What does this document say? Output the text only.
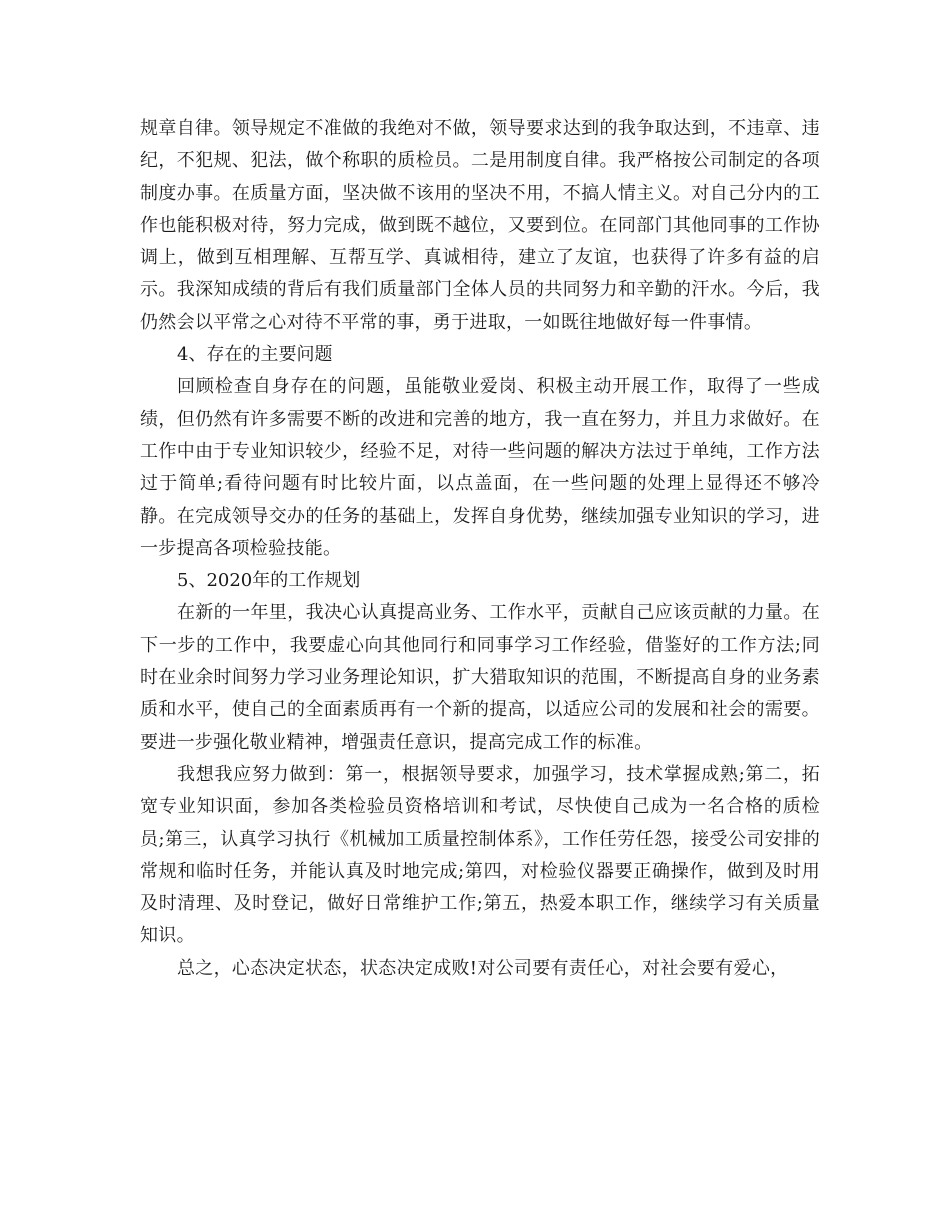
规章自律。领导规定不准做的我绝对不做，领导要求达到的我争取达到，不违章、违纪，不犯规、犯法，做个称职的质检员。二是用制度自律。我严格按公司制定的各项制度办事。在质量方面，坚决做不该用的坚决不用，不搞人情主义。对自己分内的工作也能积极对待，努力完成，做到既不越位，又要到位。在同部门其他同事的工作协调上，做到互相理解、互帮互学、真诚相待，建立了友谊，也获得了许多有益的启示。我深知成绩的背后有我们质量部门全体人员的共同努力和辛勤的汗水。今后，我仍然会以平常之心对待不平常的事，勇于进取，一如既往地做好每一件事情。

4、存在的主要问题

回顾检查自身存在的问题，虽能敬业爱岗、积极主动开展工作，取得了一些成绩，但仍然有许多需要不断的改进和完善的地方，我一直在努力，并且力求做好。在工作中由于专业知识较少，经验不足，对待一些问题的解决方法过于单纯，工作方法过于简单;看待问题有时比较片面，以点盖面，在一些问题的处理上显得还不够冷静。在完成领导交办的任务的基础上，发挥自身优势，继续加强专业知识的学习，进一步提高各项检验技能。

5、2020年的工作规划

在新的一年里，我决心认真提高业务、工作水平，贡献自己应该贡献的力量。在下一步的工作中，我要虚心向其他同行和同事学习工作经验，借鉴好的工作方法;同时在业余时间努力学习业务理论知识，扩大猎取知识的范围，不断提高自身的业务素质和水平，使自己的全面素质再有一个新的提高，以适应公司的发展和社会的需要。要进一步强化敬业精神，增强责任意识，提高完成工作的标准。

我想我应努力做到：第一，根据领导要求，加强学习，技术掌握成熟;第二，拓宽专业知识面，参加各类检验员资格培训和考试，尽快使自己成为一名合格的质检员;第三，认真学习执行《机械加工质量控制体系》，工作任劳任怨，接受公司安排的常规和临时任务，并能认真及时地完成;第四，对检验仪器要正确操作，做到及时用及时清理、及时登记，做好日常维护工作;第五，热爱本职工作，继续学习有关质量知识。

总之，心态决定状态，状态决定成败!对公司要有责任心，对社会要有爱心，
